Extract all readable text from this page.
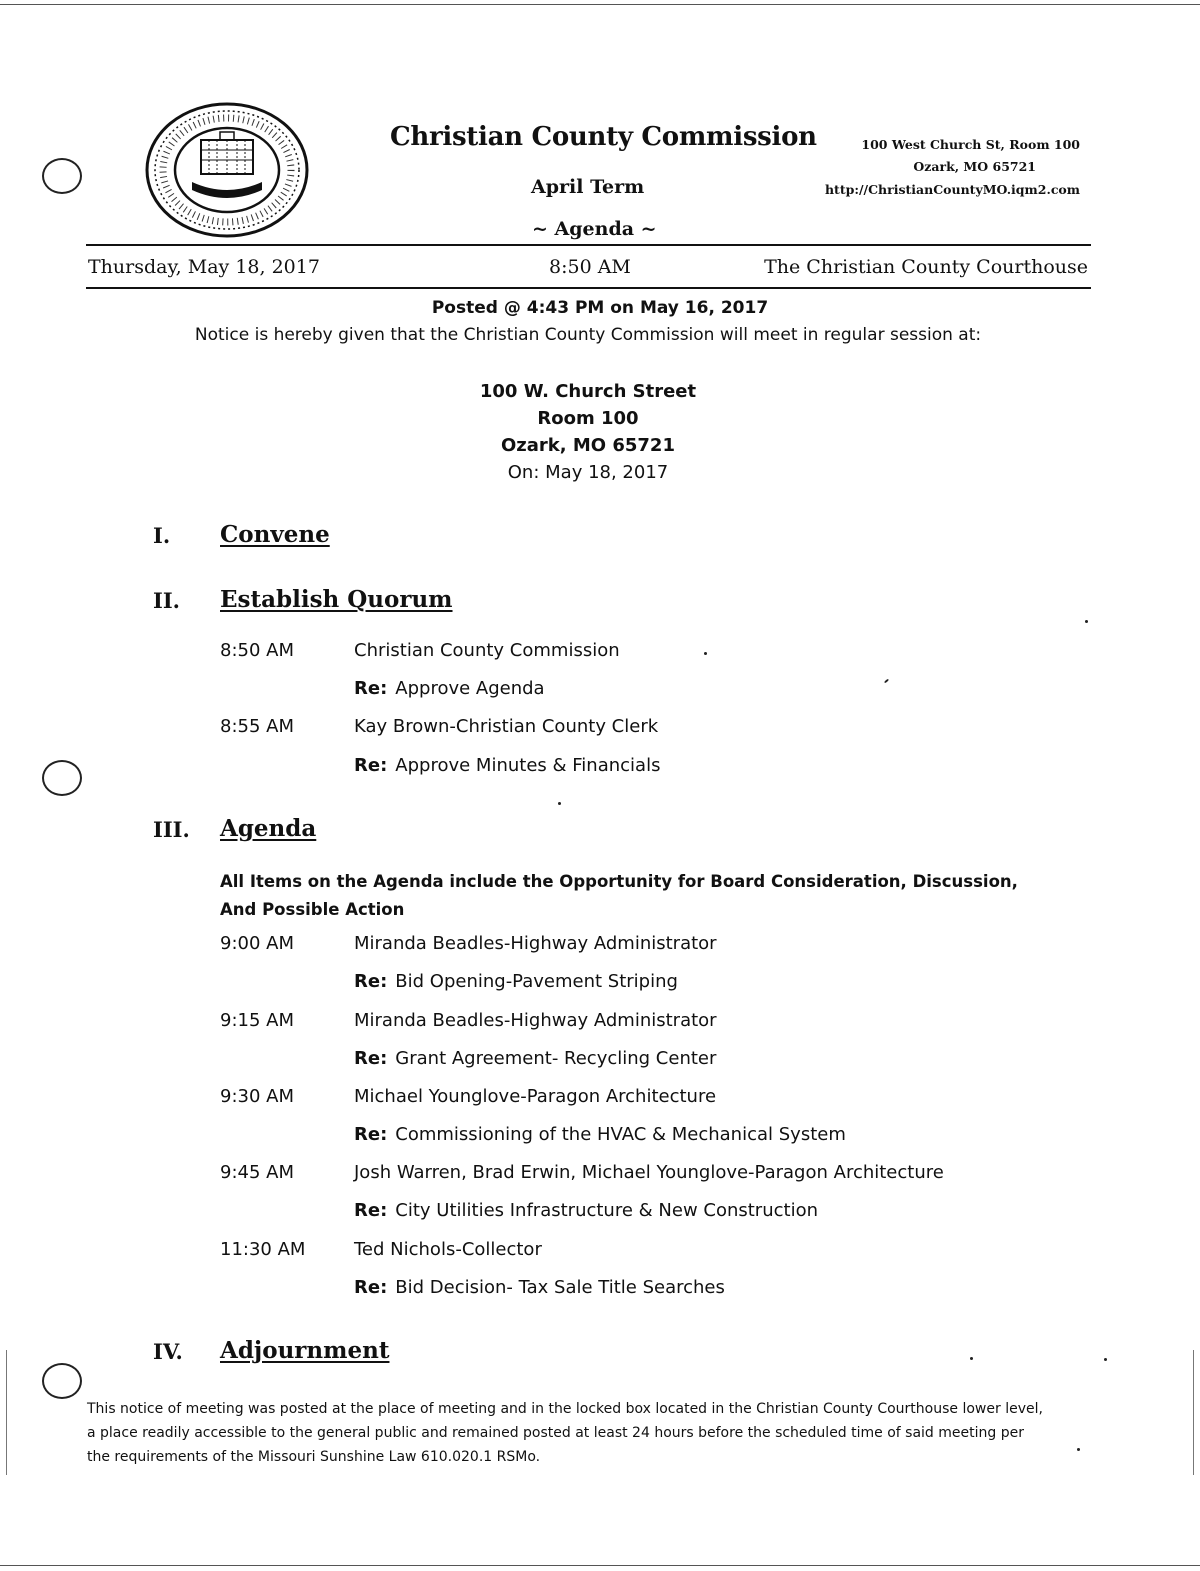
Christian County Commission
April Term
~ Agenda ~
100 West Church St, Room 100
Ozark, MO 65721
http://ChristianCountyMO.iqm2.com
Thursday, May 18, 2017	8:50 AM	The Christian County Courthouse
Posted @ 4:43 PM on May 16, 2017
Notice is hereby given that the Christian County Commission will meet in regular session at:
100 W. Church Street
Room 100
Ozark, MO 65721
On: May 18, 2017
I. Convene
II. Establish Quorum
8:50 AM	Christian County Commission
Re: Approve Agenda
8:55 AM	Kay Brown-Christian County Clerk
Re: Approve Minutes & Financials
III. Agenda
All Items on the Agenda include the Opportunity for Board Consideration, Discussion, And Possible Action
9:00 AM	Miranda Beadles-Highway Administrator
Re: Bid Opening-Pavement Striping
9:15 AM	Miranda Beadles-Highway Administrator
Re: Grant Agreement- Recycling Center
9:30 AM	Michael Younglove-Paragon Architecture
Re: Commissioning of the HVAC & Mechanical System
9:45 AM	Josh Warren, Brad Erwin, Michael Younglove-Paragon Architecture
Re: City Utilities Infrastructure & New Construction
11:30 AM	Ted Nichols-Collector
Re: Bid Decision- Tax Sale Title Searches
IV. Adjournment
This notice of meeting was posted at the place of meeting and in the locked box located in the Christian County Courthouse lower level, a place readily accessible to the general public and remained posted at least 24 hours before the scheduled time of said meeting per the requirements of the Missouri Sunshine Law 610.020.1 RSMo.
